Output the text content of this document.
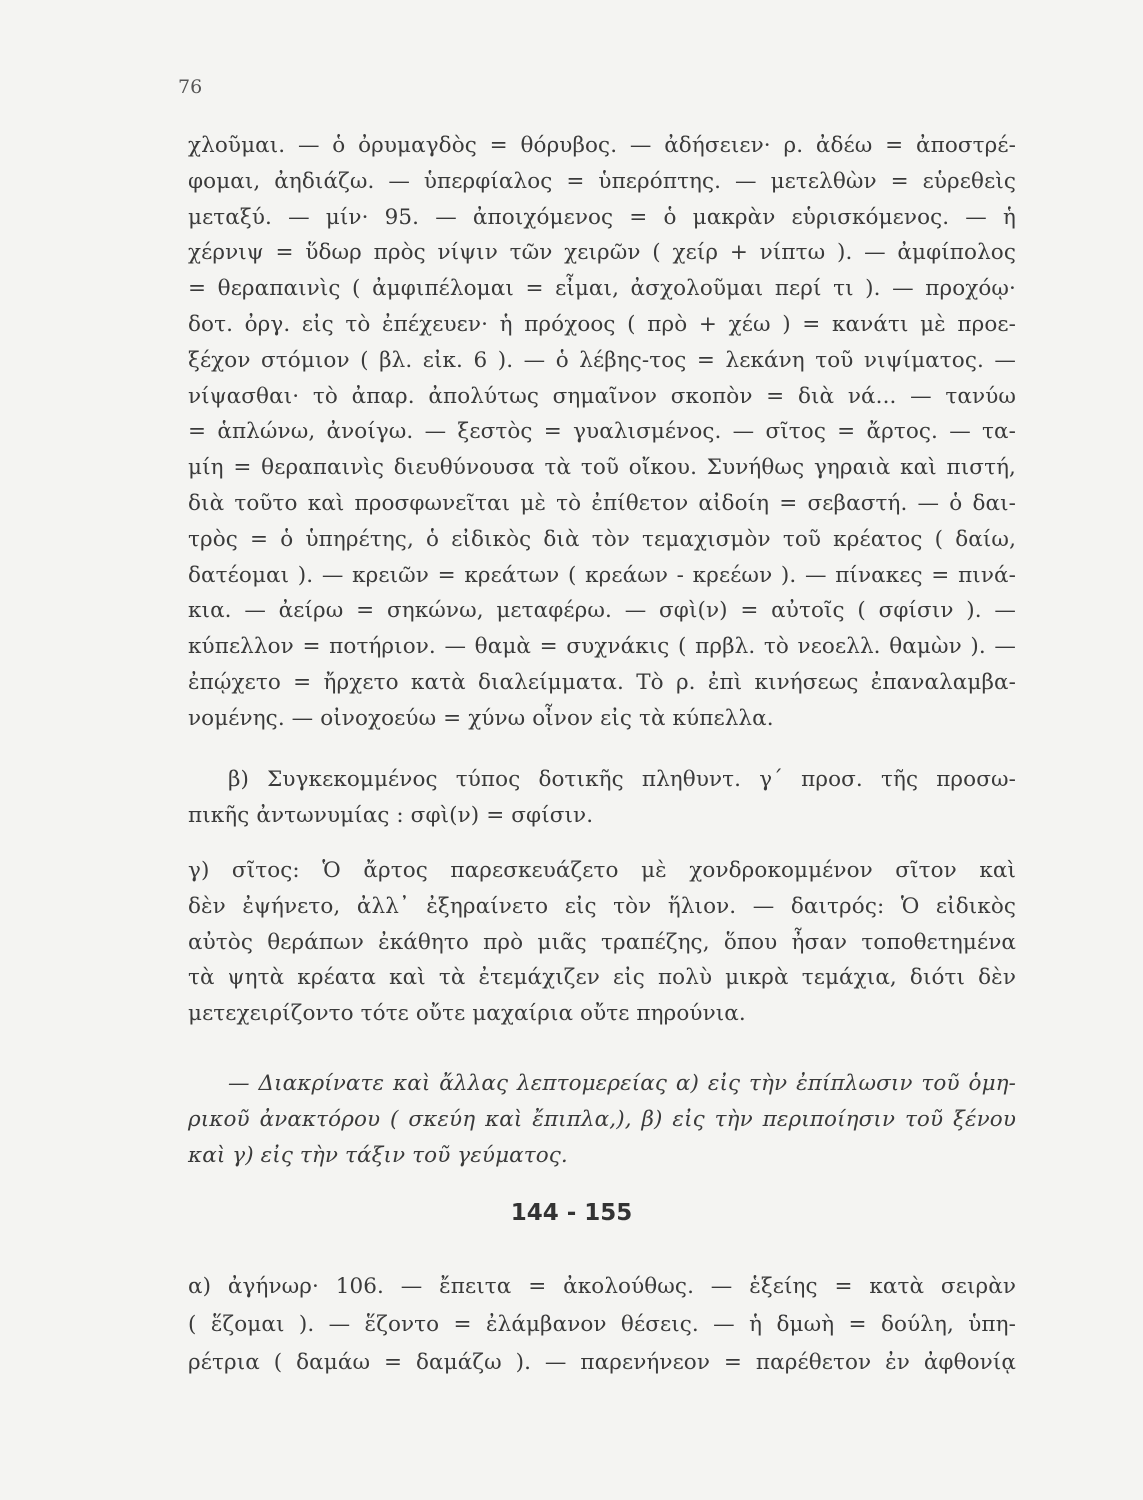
76
χλοῦμαι. — ὁ ὀρυμαγδὸς = θόρυβος. — ἀδήσειεν· ρ. ἀδέω = ἀποστρέ-
φομαι, ἀηδιάζω. — ὑπερφίαλος = ὑπερόπτης. — μετελθὼν = εὑρεθεὶς
μεταξύ. — μίν· 95. — ἀποιχόμενος = ὁ μακρὰν εὑρισκόμενος. — ἡ
χέρνιψ = ὕδωρ πρὸς νίψιν τῶν χειρῶν ( χείρ + νίπτω ). — ἀμφίπολος
= θεραπαινὶς ( ἀμφιπέλομαι = εἶμαι, ἀσχολοῦμαι περί τι ). — προχόῳ·
δοτ. ὀργ. εἰς τὸ ἐπέχευεν· ἡ πρόχοος ( πρὸ + χέω ) = κανάτι μὲ προε-
ξέχον στόμιον ( βλ. εἰκ. 6 ). — ὁ λέβης-τος = λεκάνη τοῦ νιψίματος. —
νίψασθαι· τὸ ἀπαρ. ἀπολύτως σημαῖνον σκοπὸν = διὰ νά... — τανύω
= ἁπλώνω, ἀνοίγω. — ξεστὸς = γυαλισμένος. — σῖτος = ἄρτος. — τα-
μίη = θεραπαινὶς διευθύνουσα τὰ τοῦ οἴκου. Συνήθως γηραιὰ καὶ πιστή,
διὰ τοῦτο καὶ προσφωνεῖται μὲ τὸ ἐπίθετον αἰδοίη = σεβαστή. — ὁ δαι-
τρὸς = ὁ ὑπηρέτης, ὁ εἰδικὸς διὰ τὸν τεμαχισμὸν τοῦ κρέατος ( δαίω,
δατέομαι ). — κρειῶν = κρεάτων ( κρεάων - κρεέων ). — πίνακες = πινά-
κια. — ἀείρω = σηκώνω, μεταφέρω. — σφὶ(ν) = αὐτοῖς ( σφίσιν ). —
κύπελλον = ποτήριον. — θαμὰ = συχνάκις ( πρβλ. τὸ νεοελλ. θαμὼν ). —
ἐπῴχετο = ἤρχετο κατὰ διαλείμματα. Τὸ ρ. ἐπὶ κινήσεως ἐπαναλαμβα-
νομένης. — οἰνοχοεύω = χύνω οἶνον εἰς τὰ κύπελλα.
β) Συγκεκομμένος τύπος δοτικῆς πληθυντ. γ´ προσ. τῆς προσω-
πικῆς ἀντωνυμίας : σφὶ(ν) = σφίσιν.
γ) σῖτος: Ὁ ἄρτος παρεσκευάζετο μὲ χονδροκομμένον σῖτον καὶ
δὲν ἐψήνετο, ἀλλ᾽ ἐξηραίνετο εἰς τὸν ἥλιον. — δαιτρός: Ὁ εἰδικὸς
αὐτὸς θεράπων ἐκάθητο πρὸ μιᾶς τραπέζης, ὅπου ἦσαν τοποθετημένα
τὰ ψητὰ κρέατα καὶ τὰ ἐτεμάχιζεν εἰς πολὺ μικρὰ τεμάχια, διότι δὲν
μετεχειρίζοντο τότε οὔτε μαχαίρια οὔτε πηρούνια.
— Διακρίνατε καὶ ἄλλας λεπτομερείας α) εἰς τὴν ἐπίπλωσιν τοῦ ὁμη-
ρικοῦ ἀνακτόρου ( σκεύη καὶ ἔπιπλα,), β) εἰς τὴν περιποίησιν τοῦ ξένου
καὶ γ) εἰς τὴν τάξιν τοῦ γεύματος.
144 - 155
α) ἀγήνωρ· 106. — ἔπειτα = ἀκολούθως. — ἑξείης = κατὰ σειρὰν
( ἕζομαι ). — ἕζοντο = ἐλάμβανον θέσεις. — ἡ δμωὴ = δούλη, ὑπη-
ρέτρια ( δαμάω = δαμάζω ). — παρενήνεον = παρέθετον ἐν ἀφθονίᾳ
